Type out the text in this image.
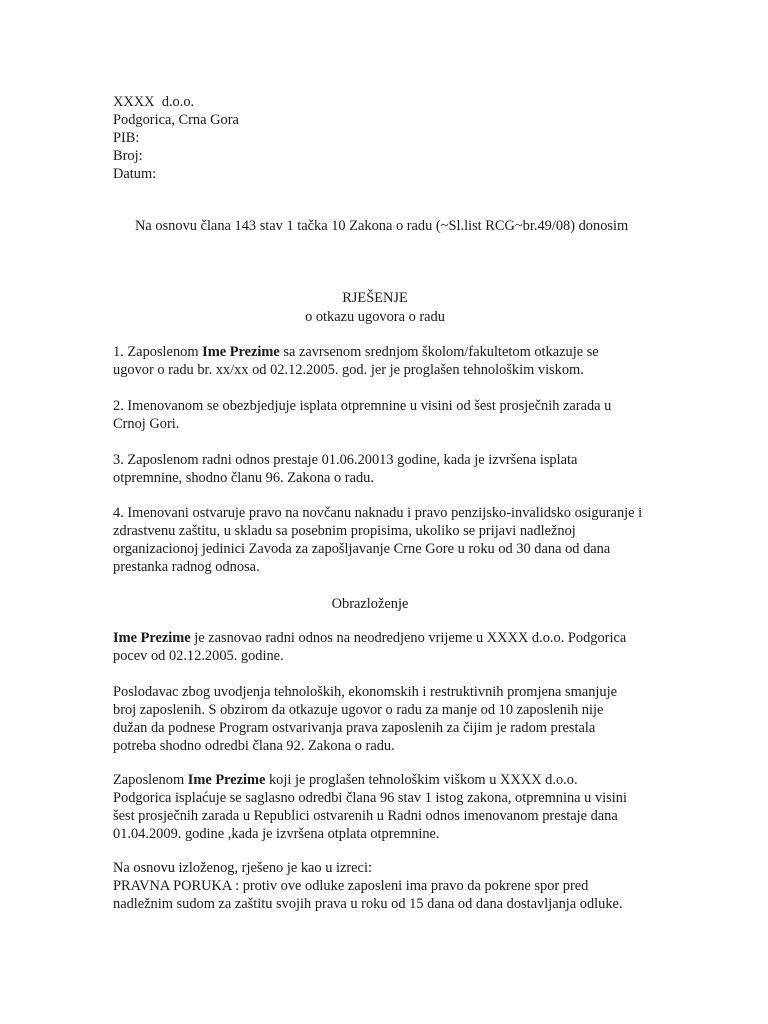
XXXX  d.o.o.
Podgorica, Crna Gora
PIB:
Broj:
Datum:
Na osnovu člana 143 stav 1 tačka 10 Zakona o radu (~Sl.list RCG~br.49/08) donosim
RJEŠENJE
o otkazu ugovora o radu
1. Zaposlenom Ime Prezime sa zavrsenom srednjom školom/fakultetom otkazuje se
ugovor o radu br. xx/xx od 02.12.2005. god. jer je proglašen tehnološkim viskom.
2. Imenovanom se obezbjedjuje isplata otpremnine u visini od šest prosječnih zarada u
Crnoj Gori.
3. Zaposlenom radni odnos prestaje 01.06.20013 godine, kada je izvršena isplata
otpremnine, shodno članu 96. Zakona o radu.
4. Imenovani ostvaruje pravo na novčanu naknadu i pravo penzijsko-invalidsko osiguranje i
zdrastvenu zaštitu, u skladu sa posebnim propisima, ukoliko se prijavi nadležnoj
organizacionoj jedinici Zavoda za zapošljavanje Crne Gore u roku od 30 dana od dana
prestanka radnog odnosa.
Obrazloženje
Ime Prezime je zasnovao radni odnos na neodredjeno vrijeme u XXXX d.o.o. Podgorica
pocev od 02.12.2005. godine.
Poslodavac zbog uvodjenja tehnoloških, ekonomskih i restruktivnih promjena smanjuje
broj zaposlenih. S obzirom da otkazuje ugovor o radu za manje od 10 zaposlenih nije
dužan da podnese Program ostvarivanja prava zaposlenih za čijim je radom prestala
potreba shodno odredbi člana 92. Zakona o radu.
Zaposlenom Ime Prezime koji je proglašen tehnološkim viškom u XXXX d.o.o.
Podgorica isplaćuje se saglasno odredbi člana 96 stav 1 istog zakona, otpremnina u visini
šest prosječnih zarada u Republici ostvarenih u Radni odnos imenovanom prestaje dana
01.04.2009. godine ,kada je izvršena otplata otpremnine.
Na osnovu izloženog, rješeno je kao u izreci:
PRAVNA PORUKA : protiv ove odluke zaposleni ima pravo da pokrene spor pred
nadležnim sudom za zaštitu svojih prava u roku od 15 dana od dana dostavljanja odluke.
